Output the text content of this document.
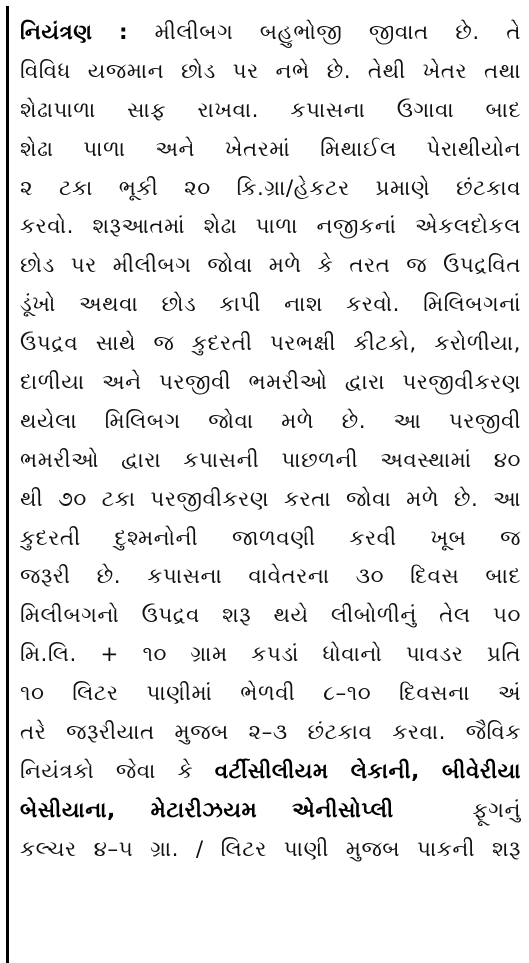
નિયંત્રણ : મીલીબગ બહુભોજી જીવાત છે. તે
વિવિધ યજમાન છોડ પર નભે છે. તેથી ખેતર તથા
શેઢાપાળા સાફ રાખવા. કપાસના ઉગાવા બાદ
શેઢા પાળા અને ખેતરમાં મિથાઈલ પેરાથીયોન
૨ ટકા ભૂકી ૨૦ કિ.ગ્રા/હેકટર પ્રમાણે છંટકાવ
કરવો. શરૂઆતમાં શેઢા પાળા નજીકનાં એકલદોકલ
છોડ પર મીલીબગ જોવા મળે કે તરત જ ઉપદ્રવિત
ડૂંખો અથવા છોડ કાપી નાશ કરવો. મિલિબગનાં
ઉપદ્રવ સાથે જ કુદરતી પરભક્ષી કીટકો, કરોળીયા,
દાળીયા અને પરજીવી ભમરીઓ દ્વારા પરજીવીકરણ
થયેલા મિલિબગ જોવા મળે છે. આ પરજીવી
ભમરીઓ દ્વારા કપાસની પાછળની અવસ્થામાં ૪૦
થી ૭૦ ટકા પરજીવીકરણ કરતા જોવા મળે છે. આ
કુદરતી દુશ્મનોની જાળવણી કરવી ખૂબ જ
જરૂરી છે. કપાસના વાવેતરના ૩૦ દિવસ બાદ
મિલીબગનો ઉપદ્રવ શરૂ થયે લીબોળીનું તેલ ૫૦
મિ.લિ. + ૧૦ ગ્રામ કપડાં ધોવાનો પાવડર પ્રતિ
૧૦ લિટર પાણીમાં ભેળવી ૮–૧૦ દિવસના અં
તરે જરૂરીયાત મુજબ ૨–૩ છંટકાવ કરવા. જૈવિક
નિયંત્રકો જેવા કે વર્ટીસીલીયમ લેકાની, બીવેરીયા
બેસીયાના, મેટારીઝયમ એનીસોપ્લી	ફૂગનું
કલ્ચર ૪–૫ ગ્રા. / લિટર પાણી મુજબ પાકની શરૂ
